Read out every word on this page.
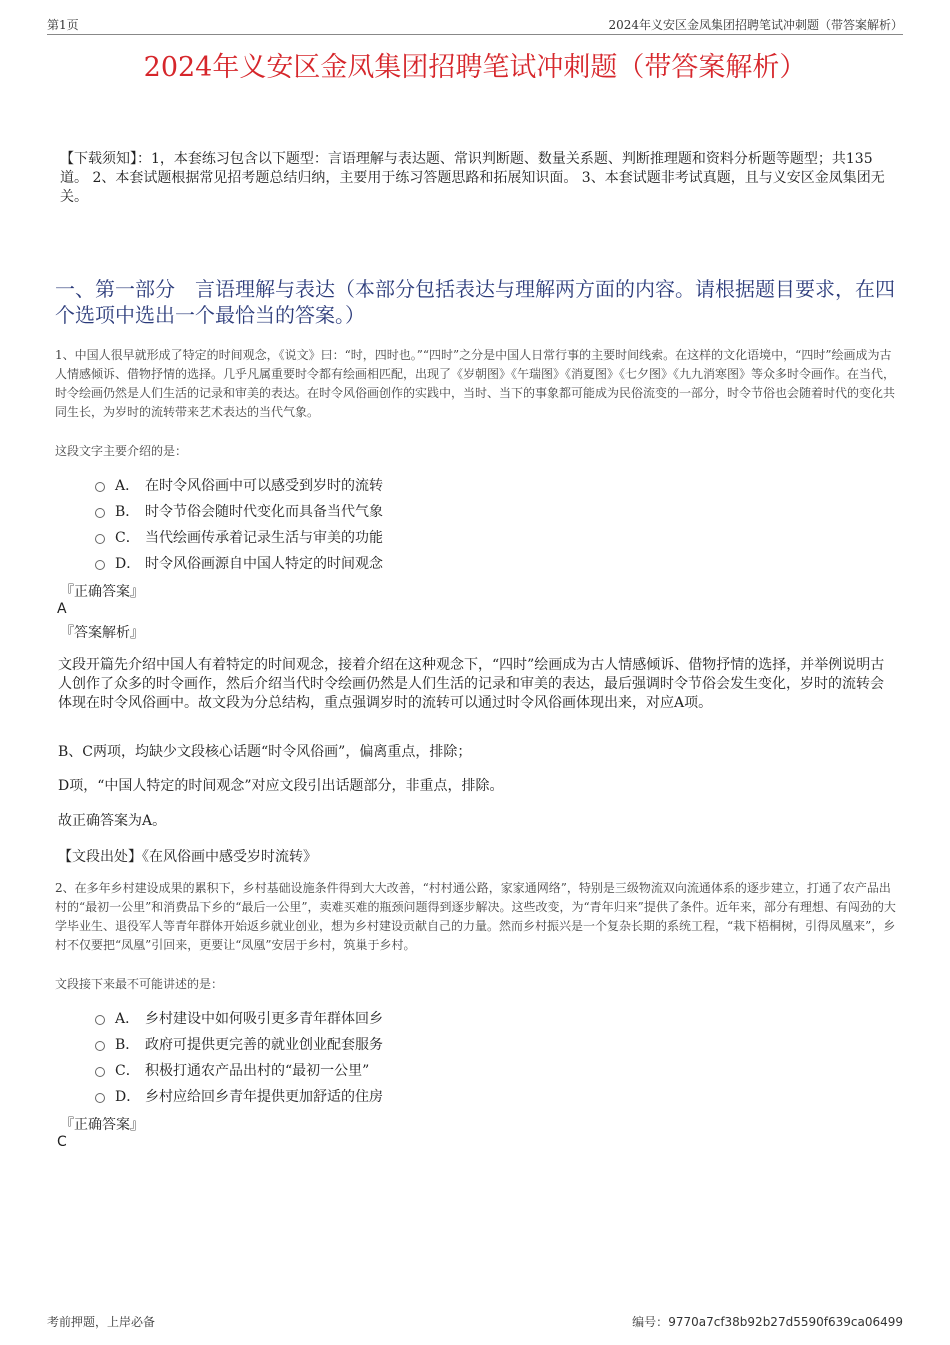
第1页	2024年义安区金凤集团招聘笔试冲刺题（带答案解析）
2024年义安区金凤集团招聘笔试冲刺题（带答案解析）
【下载须知】：1，本套练习包含以下题型：言语理解与表达题、常识判断题、数量关系题、判断推理题和资料分析题等题型；共135道。 2、本套试题根据常见招考题总结归纳，主要用于练习答题思路和拓展知识面。 3、本套试题非考试真题，且与义安区金凤集团无关。
一、第一部分　言语理解与表达（本部分包括表达与理解两方面的内容。请根据题目要求，在四个选项中选出一个最恰当的答案。）
1、中国人很早就形成了特定的时间观念，《说文》曰：“时，四时也。”“四时”之分是中国人日常行事的主要时间线索。在这样的文化语境中，“四时”绘画成为古人情感倾诉、借物抒情的选择。几乎凡属重要时令都有绘画相匹配，出现了《岁朝图》《午瑞图》《消夏图》《七夕图》《九九消寒图》等众多时令画作。在当代，时令绘画仍然是人们生活的记录和审美的表达。在时令风俗画创作的实践中，当时、当下的事象都可能成为民俗流变的一部分，时令节俗也会随着时代的变化共同生长，为岁时的流转带来艺术表达的当代气象。
这段文字主要介绍的是：
A． 在时令风俗画中可以感受到岁时的流转
B． 时令节俗会随时代变化而具备当代气象
C． 当代绘画传承着记录生活与审美的功能
D． 时令风俗画源自中国人特定的时间观念
『正确答案』
A
『答案解析』

文段开篇先介绍中国人有着特定的时间观念，接着介绍在这种观念下，“四时”绘画成为古人情感倾诉、借物抒情的选择，并举例说明古人创作了众多的时令画作，然后介绍当代时令绘画仍然是人们生活的记录和审美的表达，最后强调时令节俗会发生变化，岁时的流转会体现在时令风俗画中。故文段为分总结构，重点强调岁时的流转可以通过时令风俗画体现出来，对应A项。

B、C两项，均缺少文段核心话题“时令风俗画”，偏离重点，排除；

D项，“中国人特定的时间观念”对应文段引出话题部分，非重点，排除。

故正确答案为A。

【文段出处】《在风俗画中感受岁时流转》
2、在多年乡村建设成果的累积下，乡村基础设施条件得到大大改善，“村村通公路，家家通网络”，特别是三级物流双向流通体系的逐步建立，打通了农产品出村的“最初一公里”和消费品下乡的“最后一公里”，卖难买难的瓶颈问题得到逐步解决。这些改变，为“青年归来”提供了条件。近年来，部分有理想、有闯劲的大学毕业生、退役军人等青年群体开始返乡就业创业，想为乡村建设贡献自己的力量。然而乡村振兴是一个复杂长期的系统工程，“栽下梧桐树，引得凤凰来”，乡村不仅要把“凤凰”引回来，更要让“凤凰”安居于乡村，筑巢于乡村。
文段接下来最不可能讲述的是：
A． 乡村建设中如何吸引更多青年群体回乡
B． 政府可提供更完善的就业创业配套服务
C． 积极打通农产品出村的“最初一公里”
D． 乡村应给回乡青年提供更加舒适的住房
『正确答案』
C
考前押题，上岸必备	编号：9770a7cf38b92b27d5590f639ca06499
